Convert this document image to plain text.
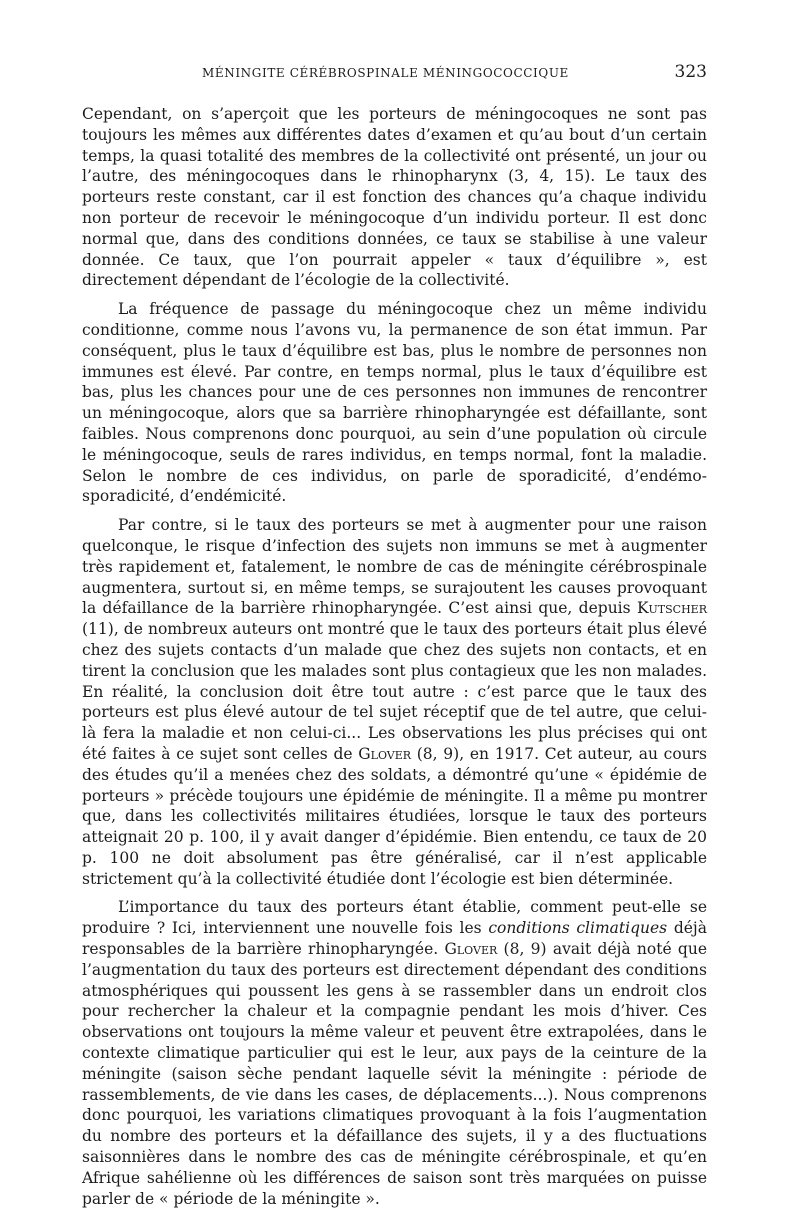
MÉNINGITE CÉRÉBROSPINALE MÉNINGOCOCCIQUE	323

Cependant, on s’aperçoit que les porteurs de méningocoques ne sont pas toujours les mêmes aux différentes dates d’examen et qu’au bout d’un certain temps, la quasi totalité des membres de la collectivité ont présenté, un jour ou l’autre, des méningocoques dans le rhinopharynx (3, 4, 15). Le taux des porteurs reste constant, car il est fonction des chances qu’a chaque individu non porteur de recevoir le méningocoque d’un individu porteur. Il est donc normal que, dans des conditions données, ce taux se stabilise à une valeur donnée. Ce taux, que l’on pourrait appeler « taux d’équilibre », est directement dépendant de l’écologie de la collectivité.

La fréquence de passage du méningocoque chez un même individu conditionne, comme nous l’avons vu, la permanence de son état immun. Par conséquent, plus le taux d’équilibre est bas, plus le nombre de personnes non immunes est élevé. Par contre, en temps normal, plus le taux d’équilibre est bas, plus les chances pour une de ces personnes non immunes de rencontrer un méningocoque, alors que sa barrière rhinopharyngée est défaillante, sont faibles. Nous comprenons donc pourquoi, au sein d’une population où circule le méningocoque, seuls de rares individus, en temps normal, font la maladie. Selon le nombre de ces individus, on parle de sporadicité, d’endémo-sporadicité, d’endémicité.

Par contre, si le taux des porteurs se met à augmenter pour une raison quelconque, le risque d’infection des sujets non immuns se met à augmenter très rapidement et, fatalement, le nombre de cas de méningite cérébrospinale augmentera, surtout si, en même temps, se surajoutent les causes provoquant la défaillance de la barrière rhinopharyngée. C’est ainsi que, depuis Kutscher (11), de nombreux auteurs ont montré que le taux des porteurs était plus élevé chez des sujets contacts d’un malade que chez des sujets non contacts, et en tirent la conclusion que les malades sont plus contagieux que les non malades. En réalité, la conclusion doit être tout autre : c’est parce que le taux des porteurs est plus élevé autour de tel sujet réceptif que de tel autre, que celui-là fera la maladie et non celui-ci... Les observations les plus précises qui ont été faites à ce sujet sont celles de Glover (8, 9), en 1917. Cet auteur, au cours des études qu’il a menées chez des soldats, a démontré qu’une « épidémie de porteurs » précède toujours une épidémie de méningite. Il a même pu montrer que, dans les collectivités militaires étudiées, lorsque le taux des porteurs atteignait 20 p. 100, il y avait danger d’épidémie. Bien entendu, ce taux de 20 p. 100 ne doit absolument pas être généralisé, car il n’est applicable strictement qu’à la collectivité étudiée dont l’écologie est bien déterminée.

L’importance du taux des porteurs étant établie, comment peut-elle se produire ? Ici, interviennent une nouvelle fois les conditions climatiques déjà responsables de la barrière rhinopharyngée. Glover (8, 9) avait déjà noté que l’augmentation du taux des porteurs est directement dépendant des conditions atmosphériques qui poussent les gens à se rassembler dans un endroit clos pour rechercher la chaleur et la compagnie pendant les mois d’hiver. Ces observations ont toujours la même valeur et peuvent être extrapolées, dans le contexte climatique particulier qui est le leur, aux pays de la ceinture de la méningite (saison sèche pendant laquelle sévit la méningite : période de rassemblements, de vie dans les cases, de déplacements...). Nous comprenons donc pourquoi, les variations climatiques provoquant à la fois l’augmentation du nombre des porteurs et la défaillance des sujets, il y a des fluctuations saisonnières dans le nombre des cas de méningite cérébrospinale, et qu’en Afrique sahélienne où les différences de saison sont très marquées on puisse parler de « période de la méningite ».
